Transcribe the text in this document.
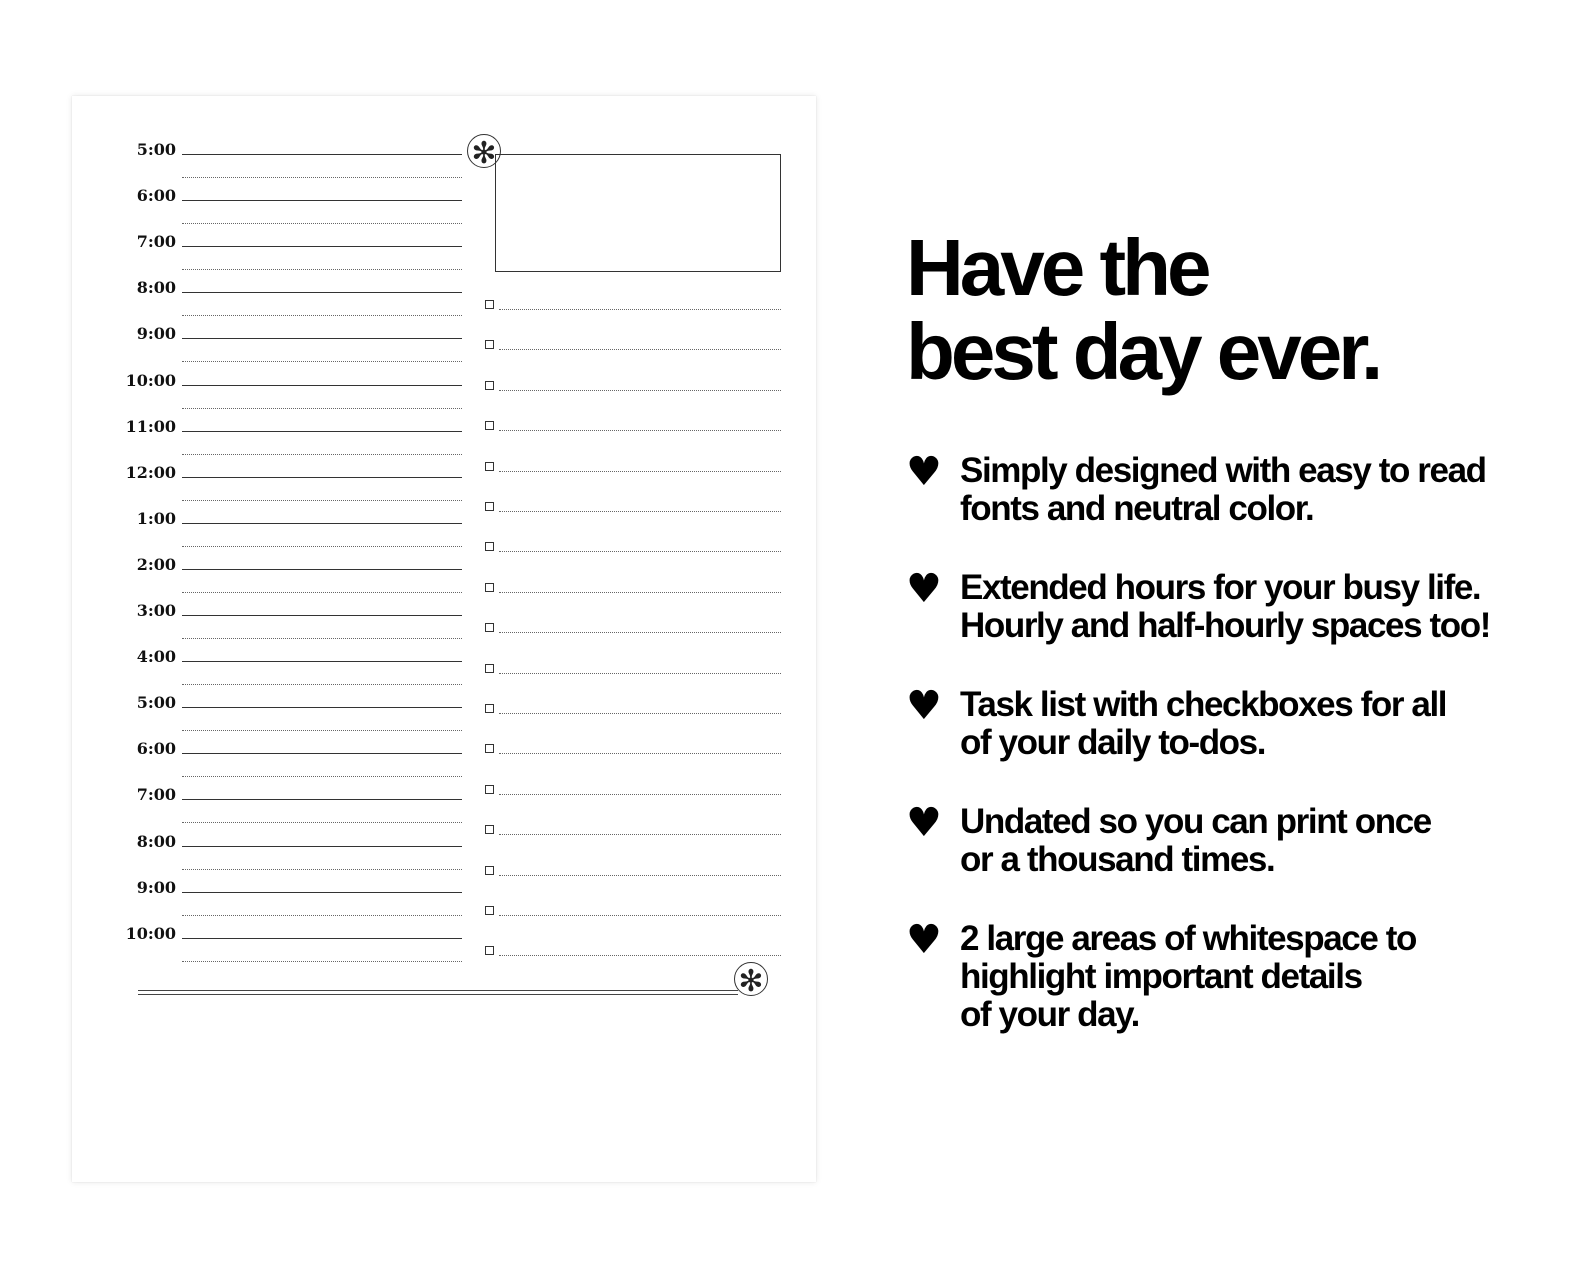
5:00
6:00
7:00
8:00
9:00
10:00
11:00
12:00
1:00
2:00
3:00
4:00
5:00
6:00
7:00
8:00
9:00
10:00
✻
✻
Have the
best day ever.
♥ Simply designed with easy to read
fonts and neutral color.

♥ Extended hours for your busy life.
Hourly and half-hourly spaces too!

♥ Task list with checkboxes for all
of your daily to-dos.

♥ Undated so you can print once
or a thousand times.

♥ 2 large areas of whitespace to
highlight important details
of your day.
